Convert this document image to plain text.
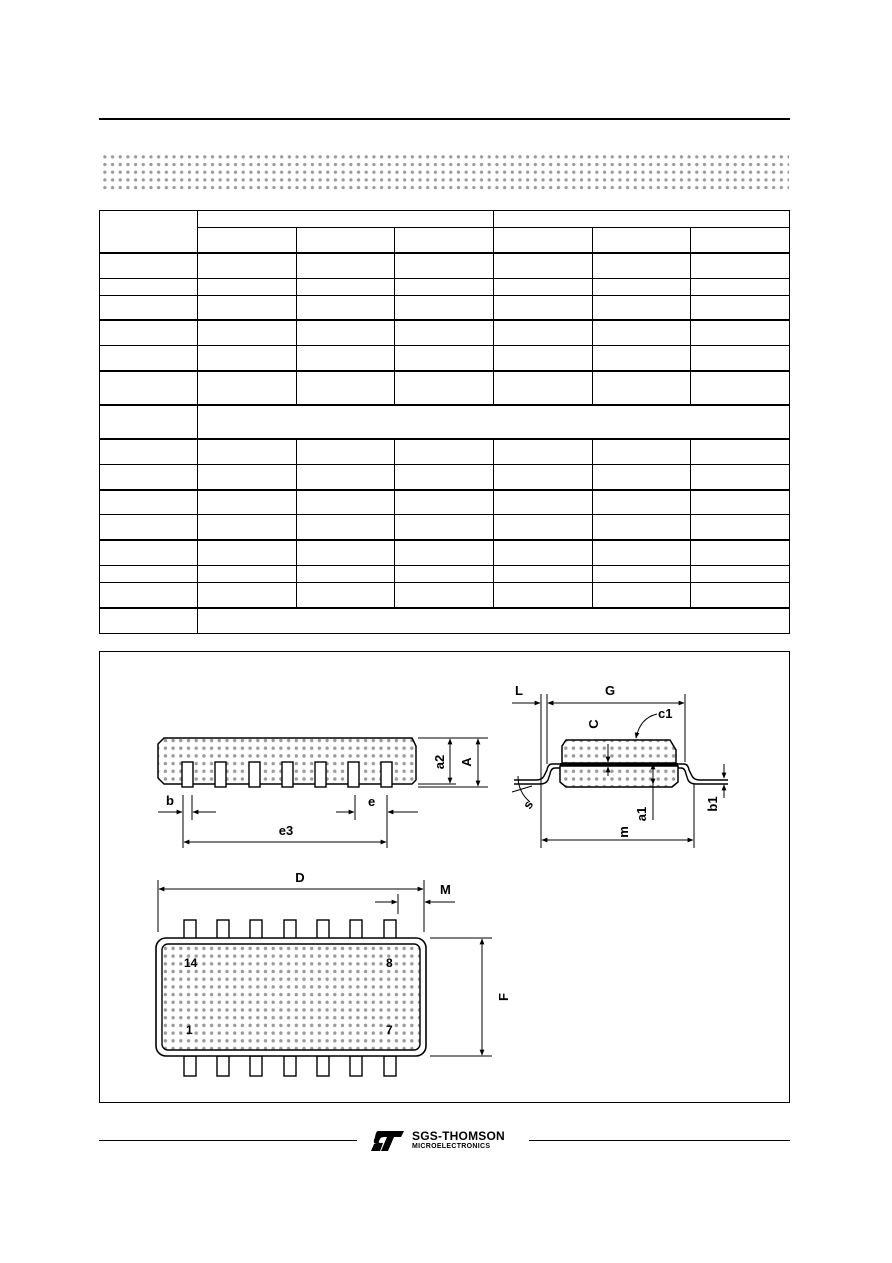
a2 A
b	e
e3
L	G
C
c1
s
a1
b1
m
D
M
14	8
1	7
F
SGS-THOMSON
MICROELECTRONICS
